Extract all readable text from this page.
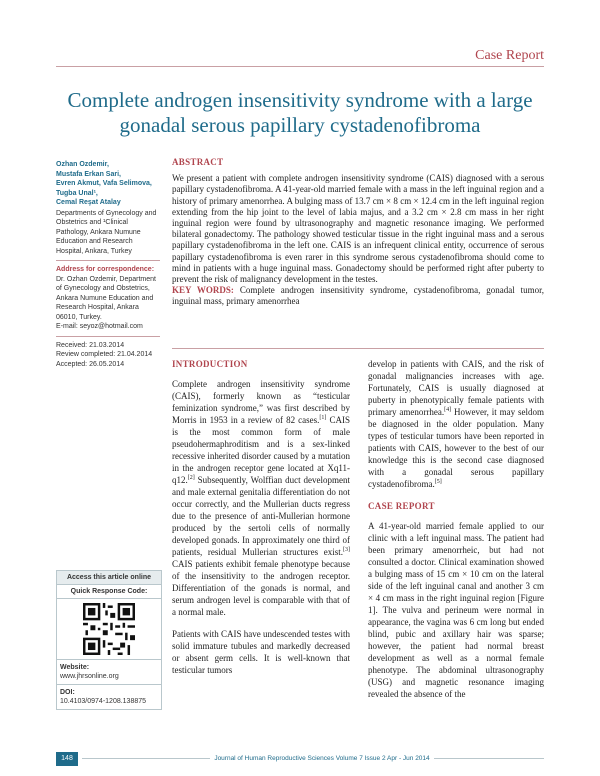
Case Report
Complete androgen insensitivity syndrome with a large gonadal serous papillary cystadenofibroma
Ozhan Ozdemir,
Mustafa Erkan Sari,
Evren Akmut, Vafa Selimova,
Tugba Unal¹,
Cemal Reşat Atalay
Departments of Gynecology and Obstetrics and ¹Clinical Pathology, Ankara Numune Education and Research Hospital, Ankara, Turkey
Address for correspondence:
Dr. Ozhan Ozdemir, Department of Gynecology and Obstetrics, Ankara Numune Education and Research Hospital, Ankara 06010, Turkey.
E-mail: seyoz@hotmail.com
Received: 21.03.2014
Review completed: 21.04.2014
Accepted: 26.05.2014
Access this article online
Quick Response Code:
Website:
www.jhrsonline.org
DOI:
10.4103/0974-1208.138875
ABSTRACT

We present a patient with complete androgen insensitivity syndrome (CAIS) diagnosed with a serous papillary cystadenofibroma. A 41-year-old married female with a mass in the left inguinal region and a history of primary amenorrhea. A bulging mass of 13.7 cm × 8 cm × 12.4 cm in the left inguinal region extending from the hip joint to the level of labia majus, and a 3.2 cm × 2.8 cm mass in her right inguinal region were found by ultrasonography and magnetic resonance imaging. We performed bilateral gonadectomy. The pathology showed testicular tissue in the right inguinal mass and a serous papillary cystadenofibroma in the left one. CAIS is an infrequent clinical entity, occurrence of serous papillary cystadenofibroma is even rarer in this syndrome serous cystadenofibroma should come to mind in patients with a huge inguinal mass. Gonadectomy should be performed right after puberty to prevent the risk of malignancy development in the testes.

KEY WORDS: Complete androgen insensitivity syndrome, cystadenofibroma, gonadal tumor, inguinal mass, primary amenorrhea

INTRODUCTION

Complete androgen insensitivity syndrome (CAIS), formerly known as “testicular feminization syndrome,” was first described by Morris in 1953 in a review of 82 cases.[1] CAIS is the most common form of male pseudohermaphroditism and is a sex-linked recessive inherited disorder caused by a mutation in the androgen receptor gene located at Xq11-q12.[2] Subsequently, Wolffian duct development and male external genitalia differentiation do not occur correctly, and the Mullerian ducts regress due to the presence of anti-Mullerian hormone produced by the sertoli cells of normally developed gonads. In approximately one third of patients, residual Mullerian structures exist.[3] CAIS patients exhibit female phenotype because of the insensitivity to the androgen receptor. Differentiation of the gonads is normal, and serum androgen level is comparable with that of a normal male.

Patients with CAIS have undescended testes with solid immature tubules and markedly decreased or absent germ cells. It is well-known that testicular tumors

develop in patients with CAIS, and the risk of gonadal malignancies increases with age. Fortunately, CAIS is usually diagnosed at puberty in phenotypically female patients with primary amenorrhea.[4] However, it may seldom be diagnosed in the older population. Many types of testicular tumors have been reported in patients with CAIS, however to the best of our knowledge this is the second case diagnosed with a gonadal serous papillary cystadenofibroma.[5]

CASE REPORT

A 41-year-old married female applied to our clinic with a left inguinal mass. The patient had been primary amenorrheic, but had not consulted a doctor. Clinical examination showed a bulging mass of 15 cm × 10 cm on the lateral side of the left inguinal canal and another 3 cm × 4 cm mass in the right inguinal region [Figure 1]. The vulva and perineum were normal in appearance, the vagina was 6 cm long but ended blind, pubic and axillary hair was sparse; however, the patient had normal breast development as well as a normal female phenotype. The abdominal ultrasonography (USG) and magnetic resonance imaging revealed the absence of the

148	Journal of Human Reproductive Sciences Volume 7 Issue 2 Apr - Jun 2014
